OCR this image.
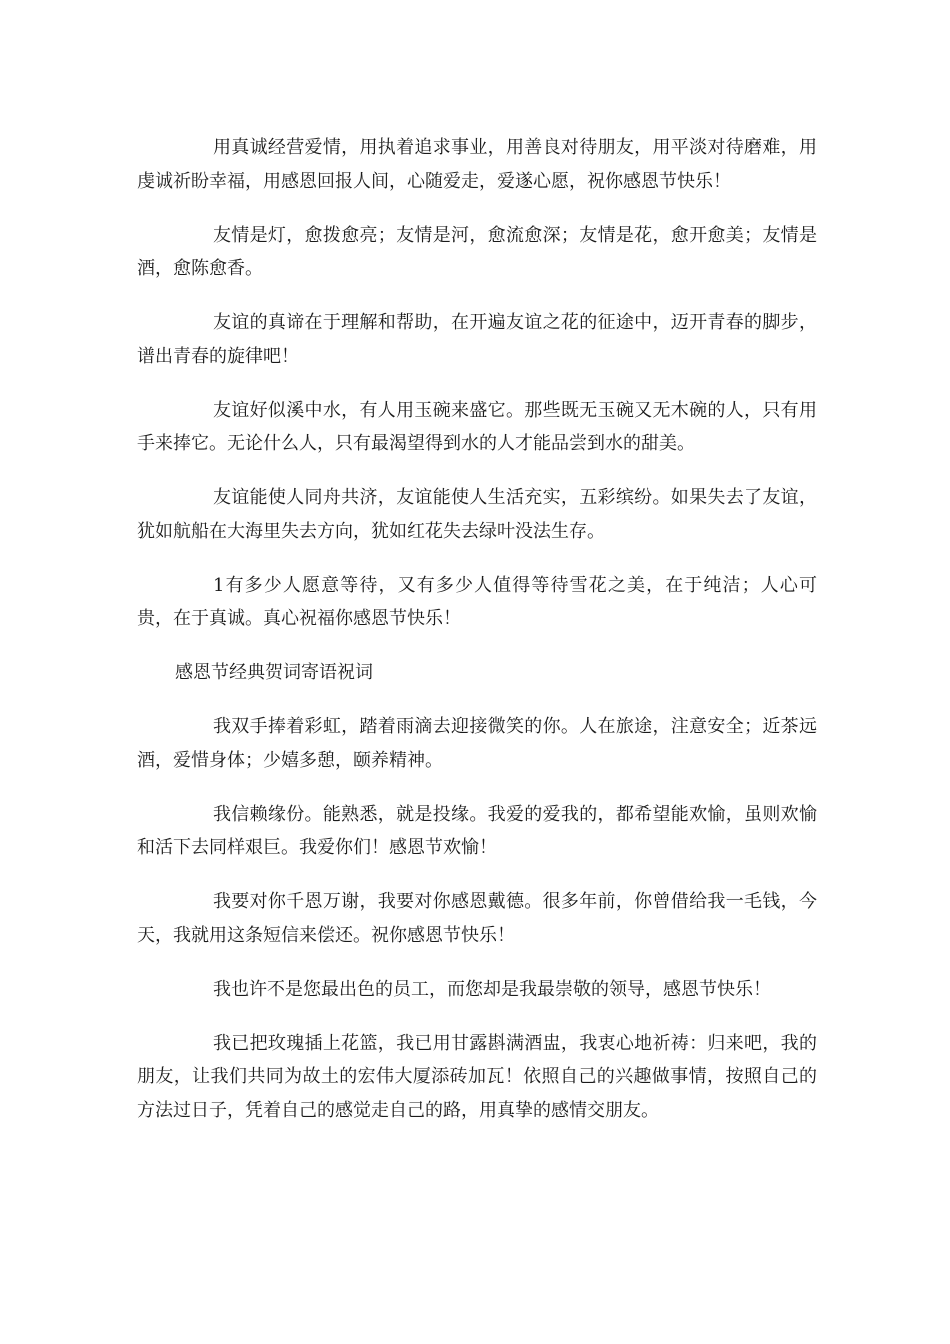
用真诚经营爱情，用执着追求事业，用善良对待朋友，用平淡对待磨难，用虔诚祈盼幸福，用感恩回报人间，心随爱走，爱遂心愿，祝你感恩节快乐！

友情是灯，愈拨愈亮；友情是河，愈流愈深；友情是花，愈开愈美；友情是酒，愈陈愈香。

友谊的真谛在于理解和帮助，在开遍友谊之花的征途中，迈开青春的脚步，谱出青春的旋律吧！

友谊好似溪中水，有人用玉碗来盛它。那些既无玉碗又无木碗的人，只有用手来捧它。无论什么人，只有最渴望得到水的人才能品尝到水的甜美。

友谊能使人同舟共济，友谊能使人生活充实，五彩缤纷。如果失去了友谊，犹如航船在大海里失去方向，犹如红花失去绿叶没法生存。

1有多少人愿意等待，又有多少人值得等待雪花之美，在于纯洁；人心可贵，在于真诚。真心祝福你感恩节快乐！

感恩节经典贺词寄语祝词

我双手捧着彩虹，踏着雨滴去迎接微笑的你。人在旅途，注意安全；近茶远酒，爱惜身体；少嬉多憩，颐养精神。

我信赖缘份。能熟悉，就是投缘。我爱的爱我的，都希望能欢愉，虽则欢愉和活下去同样艰巨。我爱你们！感恩节欢愉！

我要对你千恩万谢，我要对你感恩戴德。很多年前，你曾借给我一毛钱，今天，我就用这条短信来偿还。祝你感恩节快乐！

我也许不是您最出色的员工，而您却是我最崇敬的领导，感恩节快乐！

我已把玫瑰插上花篮，我已用甘露斟满酒盅，我衷心地祈祷：归来吧，我的朋友，让我们共同为故土的宏伟大厦添砖加瓦！依照自己的兴趣做事情，按照自己的方法过日子，凭着自己的感觉走自己的路，用真挚的感情交朋友。
